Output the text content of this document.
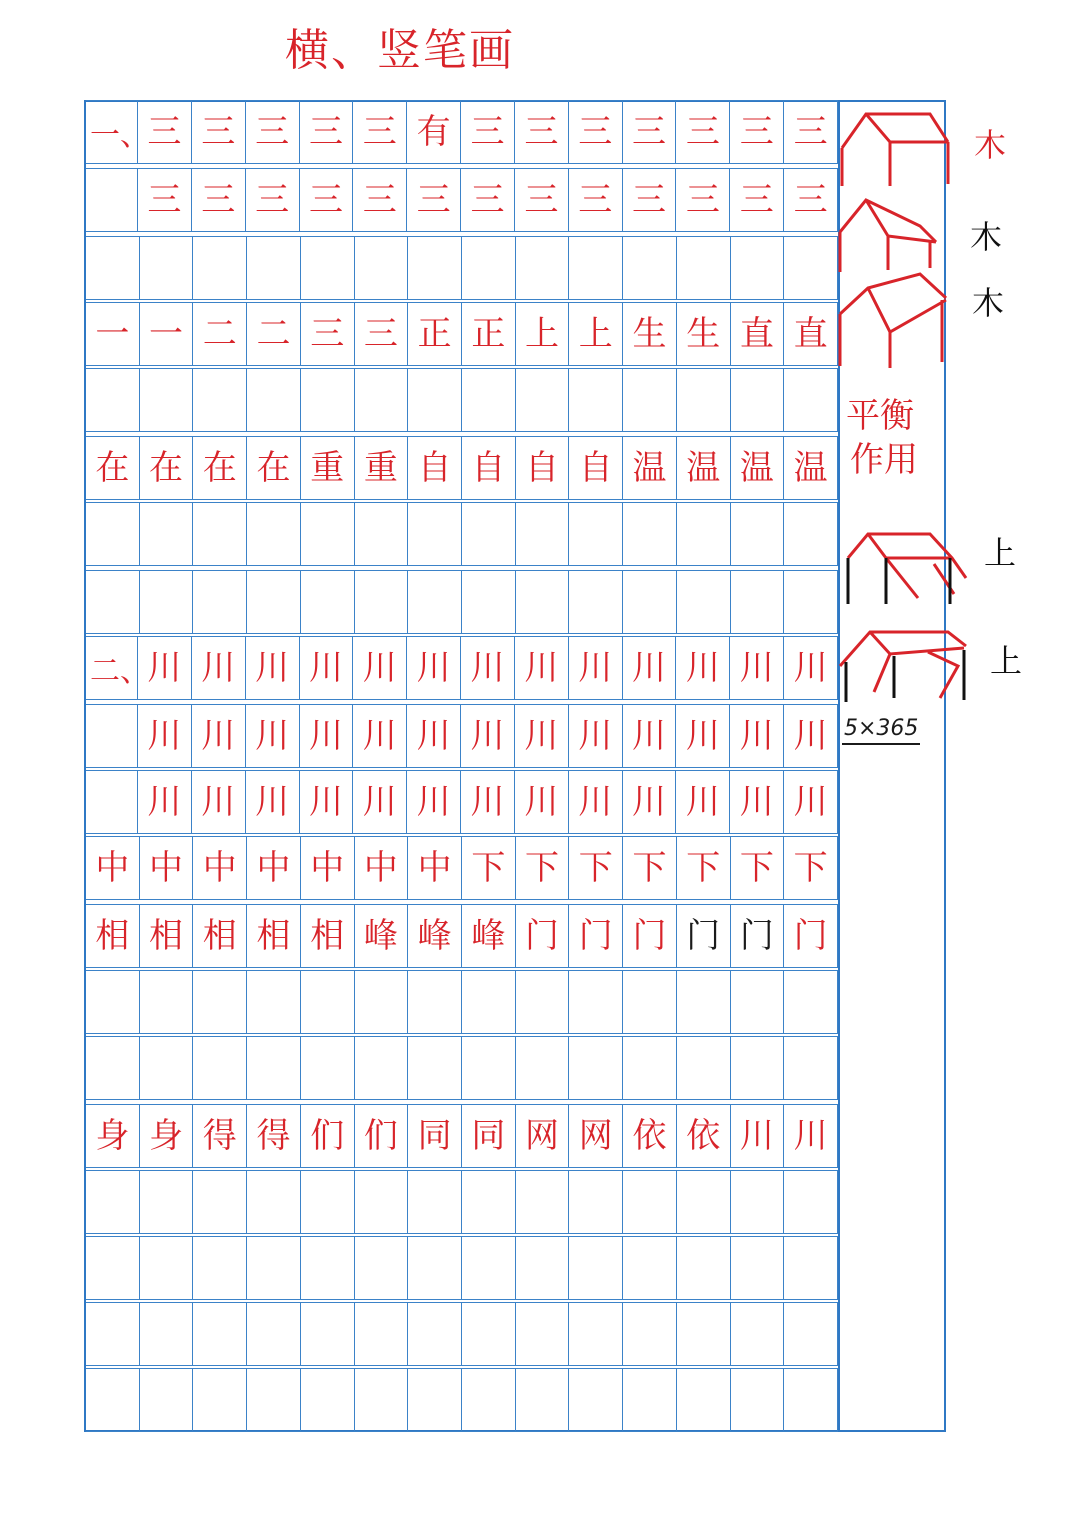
横、竖笔画
一、
三 三 三 三 三 有 三 三 三 三 三 三 三
三 三 三 三 三 三 三 三 三 三 三 三 三
一 一 二 二 三 三 正 正 上 上 生 生 直 直
在 在 在 在 重 重 自 自 自 自 温 温 温 温
二、
川 川 川 川 川 川 川 川 川 川 川 川 川
川 川 川 川 川 川 川 川 川 川 川 川 川
川 川 川 川 川 川 川 川 川 川 川 川 川
中 中 中 中 中 中 中 下 下 下 下 下 下 下
相 相 相 相 相 峰 峰 峰 门 门 门 门 门 门
身 身 得 得 们 们 同 同 网 网 依 依 川 川
木
木
木
平衡
作用
上
上
5×365
